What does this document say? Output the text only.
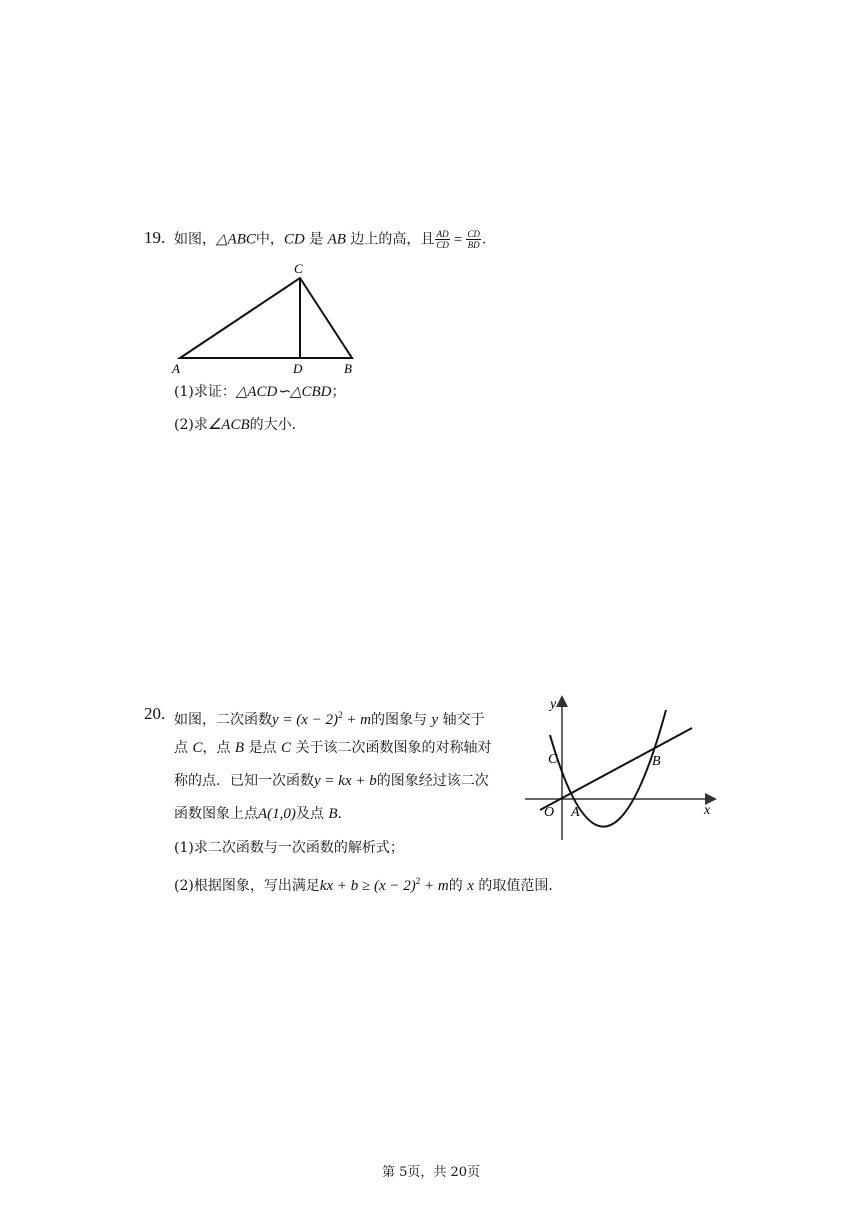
19. 如图，△ABC中，CD 是 AB 边上的高，且 $\frac{AD}{CD} = \frac{CD}{BD}$ .
C
A	D	B
(1)求证：△ACD∽△CBD；
(2)求∠ACB的大小．
20. 如图，二次函数$y = (x - 2)^2 + m$的图象与 y 轴交于
点 C，点 B 是点 C 关于该二次函数图象的对称轴对
称的点．已知一次函数y = kx + b的图象经过该二次
函数图象上点A(1,0)及点 B.
(1)求二次函数与一次函数的解析式；
(2)根据图象，写出满足kx + $b \ge (x - 2)^2 + m$的 x 的取值范围．
y
x
O A
C	B
第 5页，共 20页
